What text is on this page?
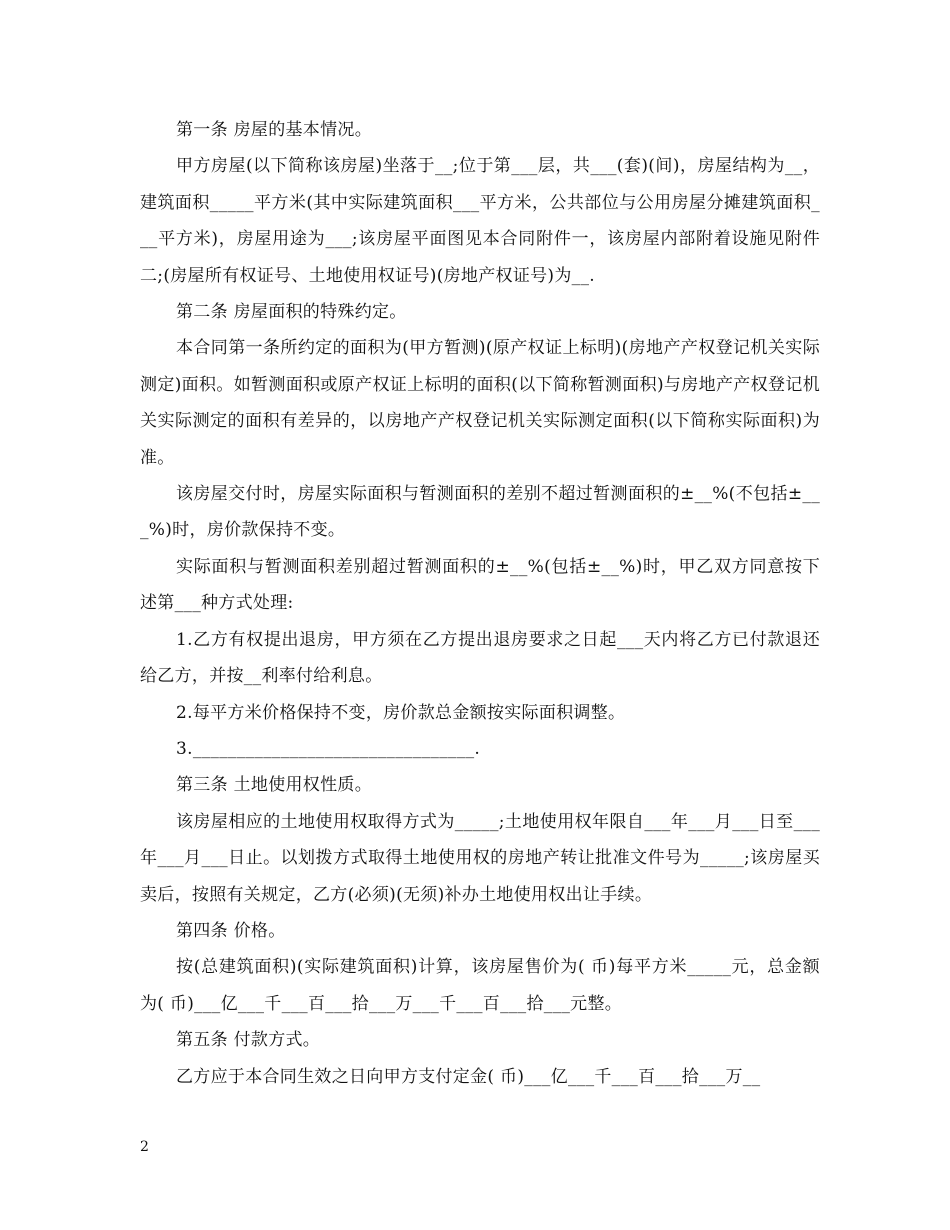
第一条 房屋的基本情况。

甲方房屋(以下简称该房屋)坐落于__;位于第___层，共___(套)(间)，房屋结构为__，建筑面积_____平方米(其中实际建筑面积___平方米，公共部位与公用房屋分摊建筑面积___平方米)，房屋用途为___;该房屋平面图见本合同附件一，该房屋内部附着设施见附件二;(房屋所有权证号、土地使用权证号)(房地产权证号)为__.

第二条 房屋面积的特殊约定。

本合同第一条所约定的面积为(甲方暂测)(原产权证上标明)(房地产产权登记机关实际测定)面积。如暂测面积或原产权证上标明的面积(以下简称暂测面积)与房地产产权登记机关实际测定的面积有差异的，以房地产产权登记机关实际测定面积(以下简称实际面积)为准。

该房屋交付时，房屋实际面积与暂测面积的差别不超过暂测面积的±__%(不包括±___%)时，房价款保持不变。

实际面积与暂测面积差别超过暂测面积的±__%(包括±__%)时，甲乙双方同意按下述第___种方式处理:

1.乙方有权提出退房，甲方须在乙方提出退房要求之日起___天内将乙方已付款退还给乙方，并按__利率付给利息。

2.每平方米价格保持不变，房价款总金额按实际面积调整。

3.________________________________.

第三条 土地使用权性质。

该房屋相应的土地使用权取得方式为_____;土地使用权年限自___年___月___日至___年___月___日止。以划拨方式取得土地使用权的房地产转让批准文件号为_____;该房屋买卖后，按照有关规定，乙方(必须)(无须)补办土地使用权出让手续。

第四条 价格。

按(总建筑面积)(实际建筑面积)计算，该房屋售价为( 币)每平方米_____元，总金额为( 币)___亿___千___百___拾___万___千___百___拾___元整。

第五条 付款方式。

乙方应于本合同生效之日向甲方支付定金( 币)___亿___千___百___拾___万__

2
